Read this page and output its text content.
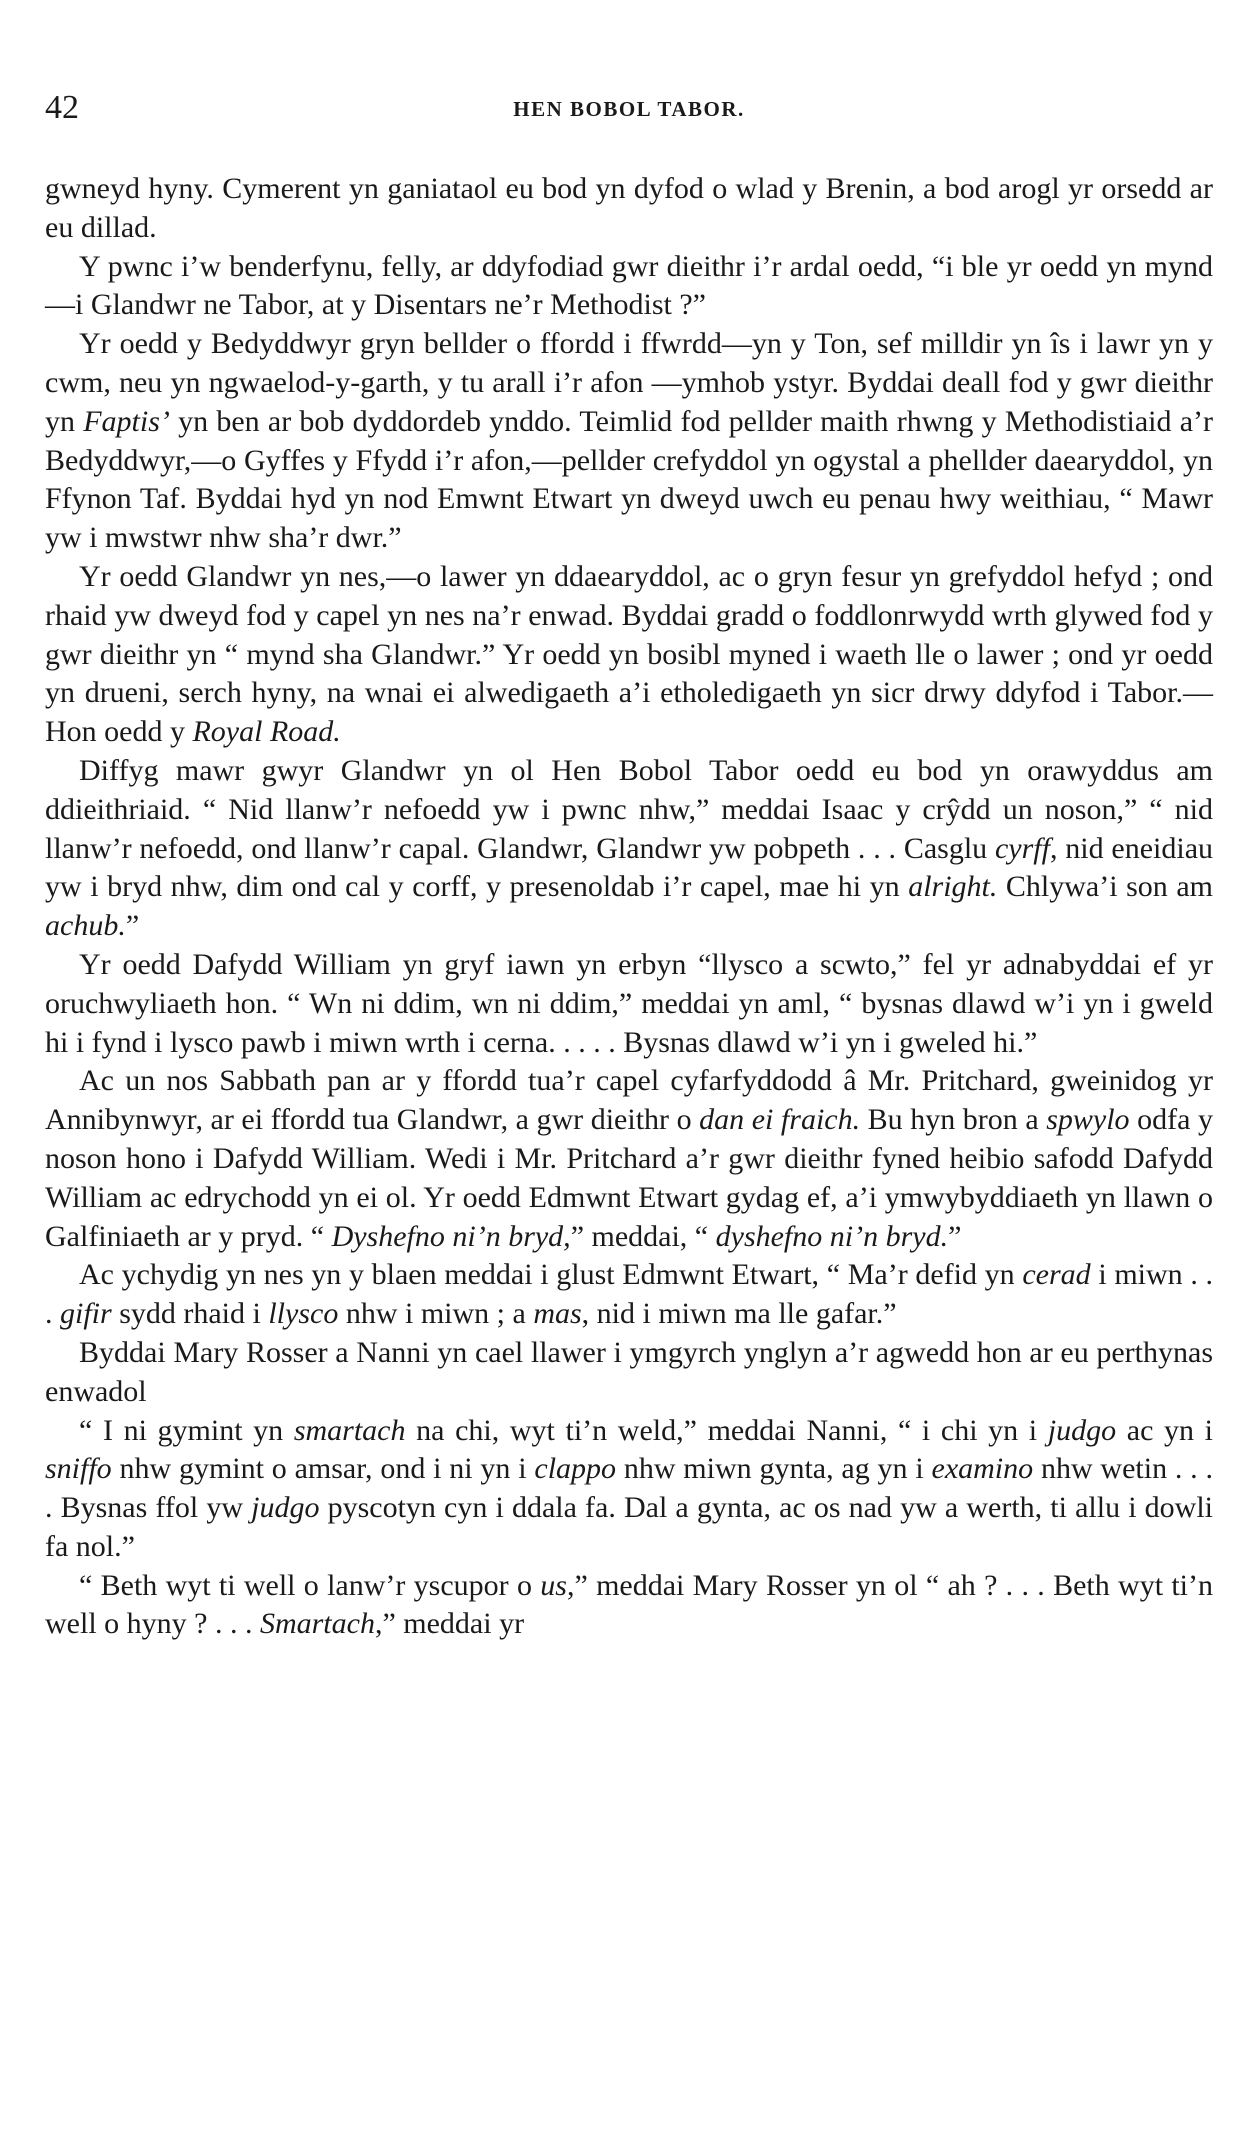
42	HEN BOBOL TABOR.

gwneyd hyny. Cymerent yn ganiataol eu bod yn dyfod o wlad y Brenin, a bod arogl yr orsedd ar eu dillad.

Y pwnc i’w benderfynu, felly, ar ddyfodiad gwr dieithr i’r ardal oedd, “i ble yr oedd yn mynd—i Glandwr ne Tabor, at y Disentars ne’r Methodist ?”

Yr oedd y Bedyddwyr gryn bellder o ffordd i ffwrdd—yn y Ton, sef milldir yn îs i lawr yn y cwm, neu yn ngwaelod-y-garth, y tu arall i’r afon —ymhob ystyr. Byddai deall fod y gwr dieithr yn Faptis’ yn ben ar bob dyddordeb ynddo. Teimlid fod pellder maith rhwng y Methodistiaid a’r Bedyddwyr,—o Gyffes y Ffydd i’r afon,—pellder crefyddol yn ogystal a phellder daearyddol, yn Ffynon Taf. Byddai hyd yn nod Emwnt Etwart yn dweyd uwch eu penau hwy weithiau, “ Mawr yw i mwstwr nhw sha’r dwr.”

Yr oedd Glandwr yn nes,—o lawer yn ddaearyddol, ac o gryn fesur yn grefyddol hefyd ; ond rhaid yw dweyd fod y capel yn nes na’r enwad. Byddai gradd o foddlonrwydd wrth glywed fod y gwr dieithr yn “ mynd sha Glandwr.” Yr oedd yn bosibl myned i waeth lle o lawer ; ond yr oedd yn drueni, serch hyny, na wnai ei alwedigaeth a’i etholedigaeth yn sicr drwy ddyfod i Tabor.—Hon oedd y Royal Road.

Diffyg mawr gwyr Glandwr yn ol Hen Bobol Tabor oedd eu bod yn orawyddus am ddieithriaid. “ Nid llanw’r nefoedd yw i pwnc nhw,” meddai Isaac y crŷdd un noson,” “ nid llanw’r nefoedd, ond llanw’r capal. Glandwr, Glandwr yw pobpeth . . . Casglu cyrff, nid eneidiau yw i bryd nhw, dim ond cal y corff, y presenoldab i’r capel, mae hi yn alright. Chlywa’i son am achub.”

Yr oedd Dafydd William yn gryf iawn yn erbyn “llysco a scwto,” fel yr adnabyddai ef yr oruchwyliaeth hon. “ Wn ni ddim, wn ni ddim,” meddai yn aml, “ bysnas dlawd w’i yn i gweld hi i fynd i lysco pawb i miwn wrth i cerna. . . . . Bysnas dlawd w’i yn i gweled hi.”

Ac un nos Sabbath pan ar y ffordd tua’r capel cyfarfyddodd â Mr. Pritchard, gweinidog yr Annibynwyr, ar ei ffordd tua Glandwr, a gwr dieithr o dan ei fraich. Bu hyn bron a spwylo odfa y noson hono i Dafydd William. Wedi i Mr. Pritchard a’r gwr dieithr fyned heibio safodd Dafydd William ac edrychodd yn ei ol. Yr oedd Edmwnt Etwart gydag ef, a’i ymwybyddiaeth yn llawn o Galfiniaeth ar y pryd. “ Dyshefno ni’n bryd,” meddai, “ dyshefno ni’n bryd.”

Ac ychydig yn nes yn y blaen meddai i glust Edmwnt Etwart, “ Ma’r defid yn cerad i miwn . . . gifir sydd rhaid i llysco nhw i miwn ; a mas, nid i miwn ma lle gafar.”

Byddai Mary Rosser a Nanni yn cael llawer i ymgyrch ynglyn a’r agwedd hon ar eu perthynas enwadol

“ I ni gymint yn smartach na chi, wyt ti’n weld,” meddai Nanni, “ i chi yn i judgo ac yn i sniffo nhw gymint o amsar, ond i ni yn i clappo nhw miwn gynta, ag yn i examino nhw wetin . . . . Bysnas ffol yw judgo pyscotyn cyn i ddala fa. Dal a gynta, ac os nad yw a werth, ti allu i dowli fa nol.”

“ Beth wyt ti well o lanw’r yscupor o us,” meddai Mary Rosser yn ol “ ah ? . . . Beth wyt ti’n well o hyny ? . . . Smartach,” meddai yr
